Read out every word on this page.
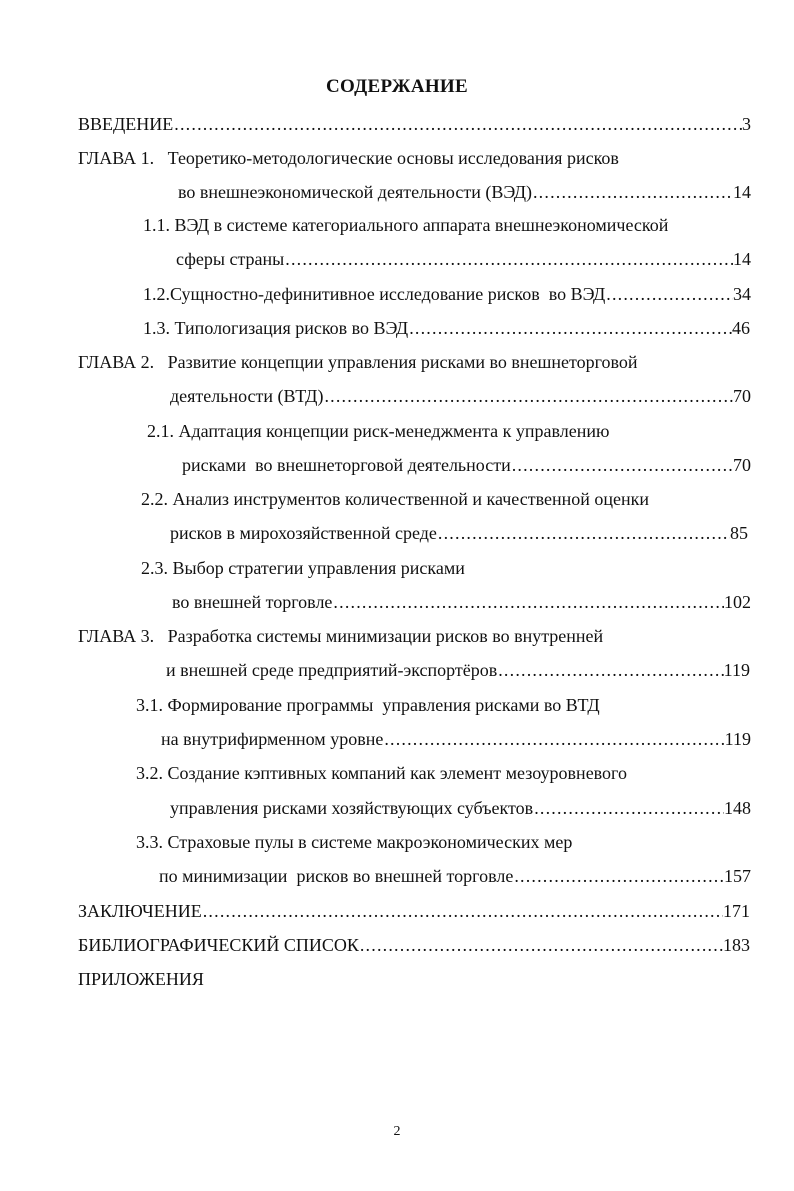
СОДЕРЖАНИЕ
ВВЕДЕНИЕ .....	3
ГЛАВА 1.   Теоретико-методологические основы исследования рисков
во внешнеэкономической деятельности (ВЭД) .....	14
1.1. ВЭД в системе категориального аппарата внешнеэкономической
сферы страны .....	14
1.2.Сущностно-дефинитивное исследование рисков  во ВЭД .....	34
1.3. Типологизация рисков во ВЭД .....	46
ГЛАВА 2.   Развитие концепции управления рисками во внешнеторговой
деятельности (ВТД) .....	70
2.1. Адаптация концепции риск-менеджмента к управлению
рисками  во внешнеторговой деятельности .....	70
2.2. Анализ инструментов количественной и качественной оценки
рисков в мирохозяйственной среде .....	85
2.3. Выбор стратегии управления рисками
во внешней торговле .....	102
ГЛАВА 3.   Разработка системы минимизации рисков во внутренней
и внешней среде предприятий-экспортёров .....	119
3.1. Формирование программы  управления рисками во ВТД
на внутрифирменном уровне .....	119
3.2. Создание кэптивных компаний как элемент мезоуровневого
управления рисками хозяйствующих субъектов .....	148
3.3. Страховые пулы в системе макроэкономических мер
по минимизации  рисков во внешней торговле .....	157
ЗАКЛЮЧЕНИЕ .....	171
БИБЛИОГРАФИЧЕСКИЙ СПИСОК .....	183
ПРИЛОЖЕНИЯ
2
